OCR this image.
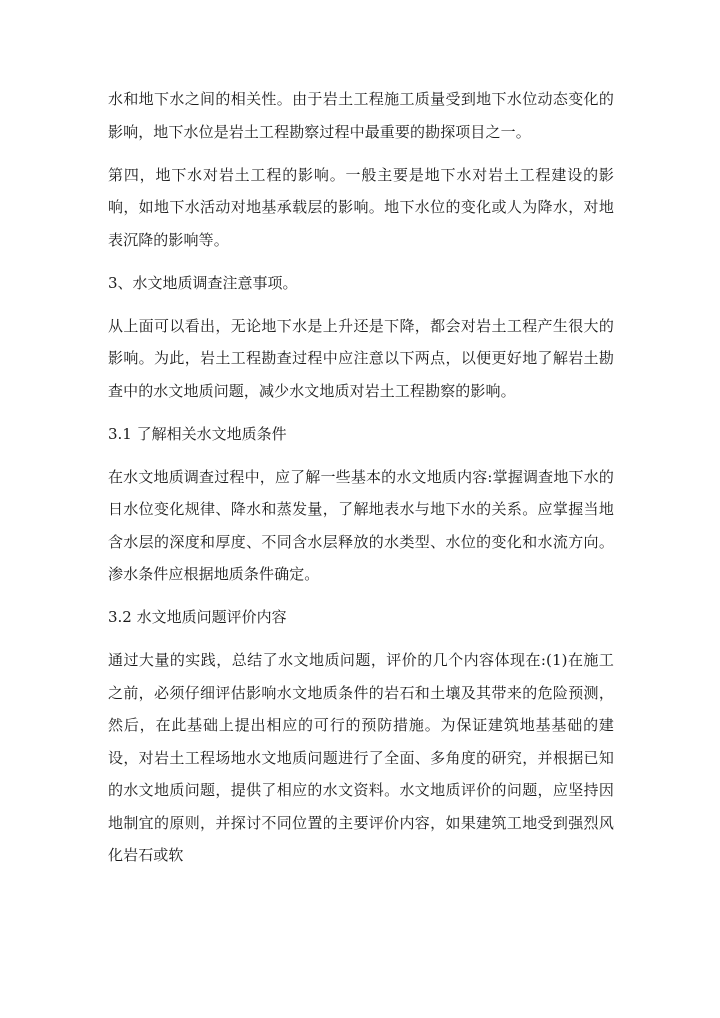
水和地下水之间的相关性。由于岩土工程施工质量受到地下水位动态变化的影响，地下水位是岩土工程勘察过程中最重要的勘探项目之一。

第四，地下水对岩土工程的影响。一般主要是地下水对岩土工程建设的影响，如地下水活动对地基承载层的影响。地下水位的变化或人为降水，对地表沉降的影响等。

3、水文地质调查注意事项。

从上面可以看出，无论地下水是上升还是下降，都会对岩土工程产生很大的影响。为此，岩土工程勘查过程中应注意以下两点，以便更好地了解岩土勘查中的水文地质问题，减少水文地质对岩土工程勘察的影响。

3.1 了解相关水文地质条件

在水文地质调查过程中，应了解一些基本的水文地质内容:掌握调查地下水的日水位变化规律、降水和蒸发量，了解地表水与地下水的关系。应掌握当地含水层的深度和厚度、不同含水层释放的水类型、水位的变化和水流方向。渗水条件应根据地质条件确定。

3.2 水文地质问题评价内容

通过大量的实践，总结了水文地质问题，评价的几个内容体现在:(1)在施工之前，必须仔细评估影响水文地质条件的岩石和土壤及其带来的危险预测，然后，在此基础上提出相应的可行的预防措施。为保证建筑地基基础的建设，对岩土工程场地水文地质问题进行了全面、多角度的研究，并根据已知的水文地质问题，提供了相应的水文资料。水文地质评价的问题，应坚持因地制宜的原则，并探讨不同位置的主要评价内容，如果建筑工地受到强烈风化岩石或软
